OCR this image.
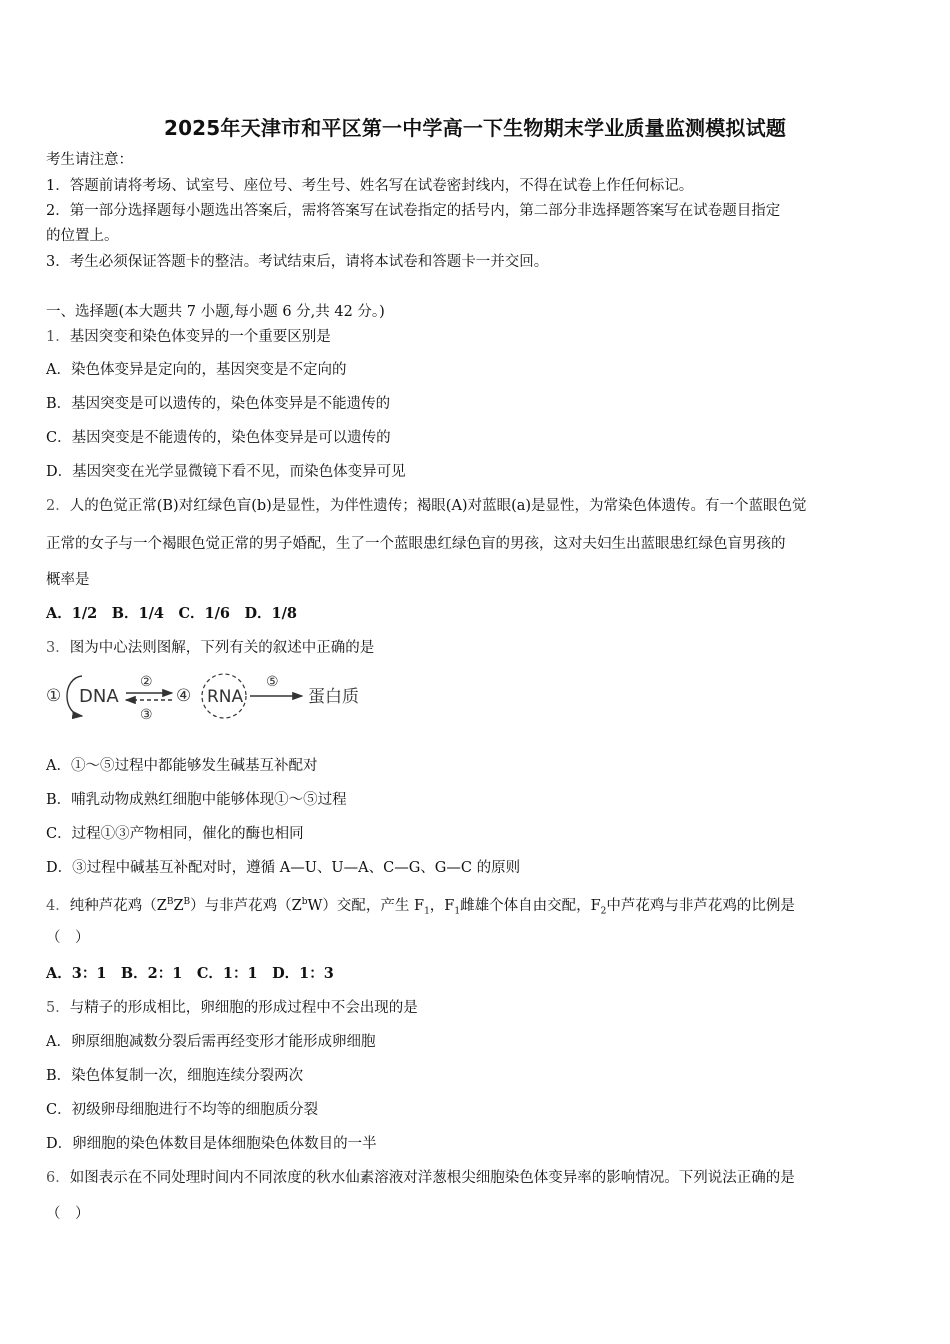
2025年天津市和平区第一中学高一下生物期末学业质量监测模拟试题
考生请注意：
1．答题前请将考场、试室号、座位号、考生号、姓名写在试卷密封线内，不得在试卷上作任何标记。
2．第一部分选择题每小题选出答案后，需将答案写在试卷指定的括号内，第二部分非选择题答案写在试卷题目指定
的位置上。
3．考生必须保证答题卡的整洁。考试结束后，请将本试卷和答题卡一并交回。
一、选择题(本大题共 7 小题,每小题 6 分,共 42 分。)
1．基因突变和染色体变异的一个重要区别是
A．染色体变异是定向的，基因突变是不定向的
B．基因突变是可以遗传的，染色体变异是不能遗传的
C．基因突变是不能遗传的，染色体变异是可以遗传的
D．基因突变在光学显微镜下看不见，而染色体变异可见
2．人的色觉正常(B)对红绿色盲(b)是显性，为伴性遗传；褐眼(A)对蓝眼(a)是显性，为常染色体遗传。有一个蓝眼色觉
正常的女子与一个褐眼色觉正常的男子婚配，生了一个蓝眼患红绿色盲的男孩，这对夫妇生出蓝眼患红绿色盲男孩的
概率是
A．1/2　B．1/4　C．1/6　D．1/8
3．图为中心法则图解，下列有关的叙述中正确的是
① DNA
②
③
④ RNA
⑤
蛋白质
A．①～⑤过程中都能够发生碱基互补配对
B．哺乳动物成熟红细胞中能够体现①～⑤过程
C．过程①③产物相同，催化的酶也相同
D．③过程中碱基互补配对时，遵循 A—U、U—A、C—G、G—C 的原则
4．纯种芦花鸡$(Z^BZ^B)$与非芦花鸡$(Z^bW)$交配，产生 $F_1$，$F_1$雌雄个体自由交配，$F_2$中芦花鸡与非芦花鸡的比例是
（　）
A．3：1　B．2：1　C．1：1　D．1：3
5．与精子的形成相比，卵细胞的形成过程中不会出现的是
A．卵原细胞减数分裂后需再经变形才能形成卵细胞
B．染色体复制一次，细胞连续分裂两次
C．初级卵母细胞进行不均等的细胞质分裂
D．卵细胞的染色体数目是体细胞染色体数目的一半
6．如图表示在不同处理时间内不同浓度的秋水仙素溶液对洋葱根尖细胞染色体变异率的影响情况。下列说法正确的是
（　）
